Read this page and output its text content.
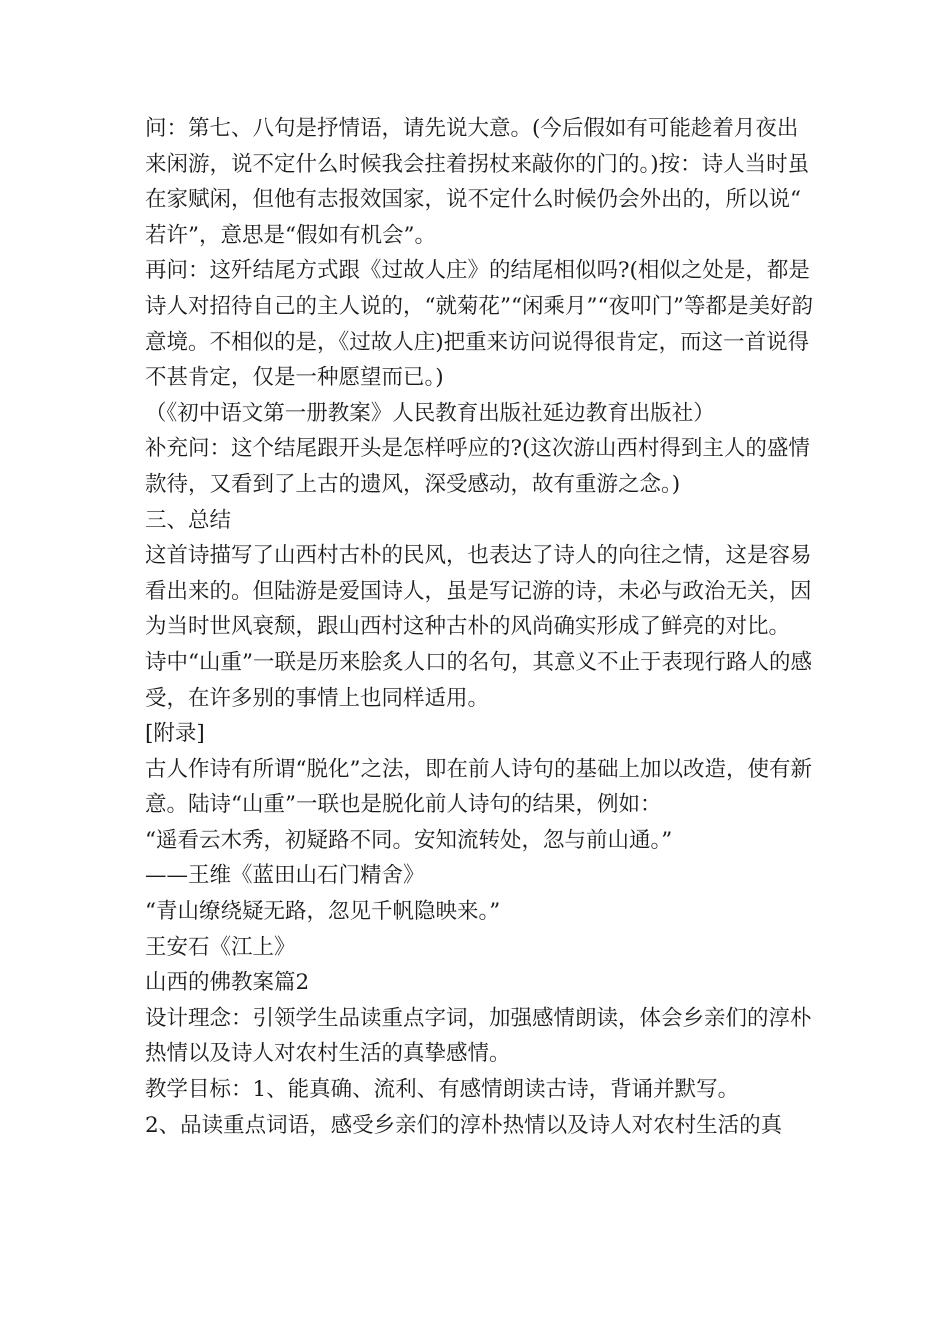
问：第七、八句是抒情语，请先说大意。(今后假如有可能趁着月夜出来闲游，说不定什么时候我会拄着拐杖来敲你的门的。)按：诗人当时虽在家赋闲，但他有志报效国家，说不定什么时候仍会外出的，所以说“若许”，意思是“假如有机会”。

再问：这歼结尾方式跟《过故人庄》的结尾相似吗?(相似之处是，都是诗人对招待自己的主人说的，“就菊花”“闲乘月”“夜叩门”等都是美好韵意境。不相似的是，《过故人庄)把重来访问说得很肯定，而这一首说得不甚肯定，仅是一种愿望而已。)

（《初中语文第一册教案》人民教育出版社延边教育出版社）

补充问：这个结尾跟开头是怎样呼应的?(这次游山西村得到主人的盛情款待，又看到了上古的遗风，深受感动，故有重游之念。)

三、总结

这首诗描写了山西村古朴的民风，也表达了诗人的向往之情，这是容易看出来的。但陆游是爱国诗人，虽是写记游的诗，未必与政治无关，因为当时世风衰颓，跟山西村这种古朴的风尚确实形成了鲜亮的对比。

诗中“山重”一联是历来脍炙人口的名句，其意义不止于表现行路人的感受，在许多别的事情上也同样适用。

[附录]

古人作诗有所谓“脱化”之法，即在前人诗句的基础上加以改造，使有新意。陆诗“山重”一联也是脱化前人诗句的结果，例如：

“遥看云木秀，初疑路不同。安知流转处，忽与前山通。”

——王维《蓝田山石门精舍》

“青山缭绕疑无路，忽见千帆隐映来。”

王安石《江上》

山西的佛教案篇2

设计理念：引领学生品读重点字词，加强感情朗读，体会乡亲们的淳朴热情以及诗人对农村生活的真挚感情。

教学目标：1、能真确、流利、有感情朗读古诗，背诵并默写。

2、品读重点词语，感受乡亲们的淳朴热情以及诗人对农村生活的真
